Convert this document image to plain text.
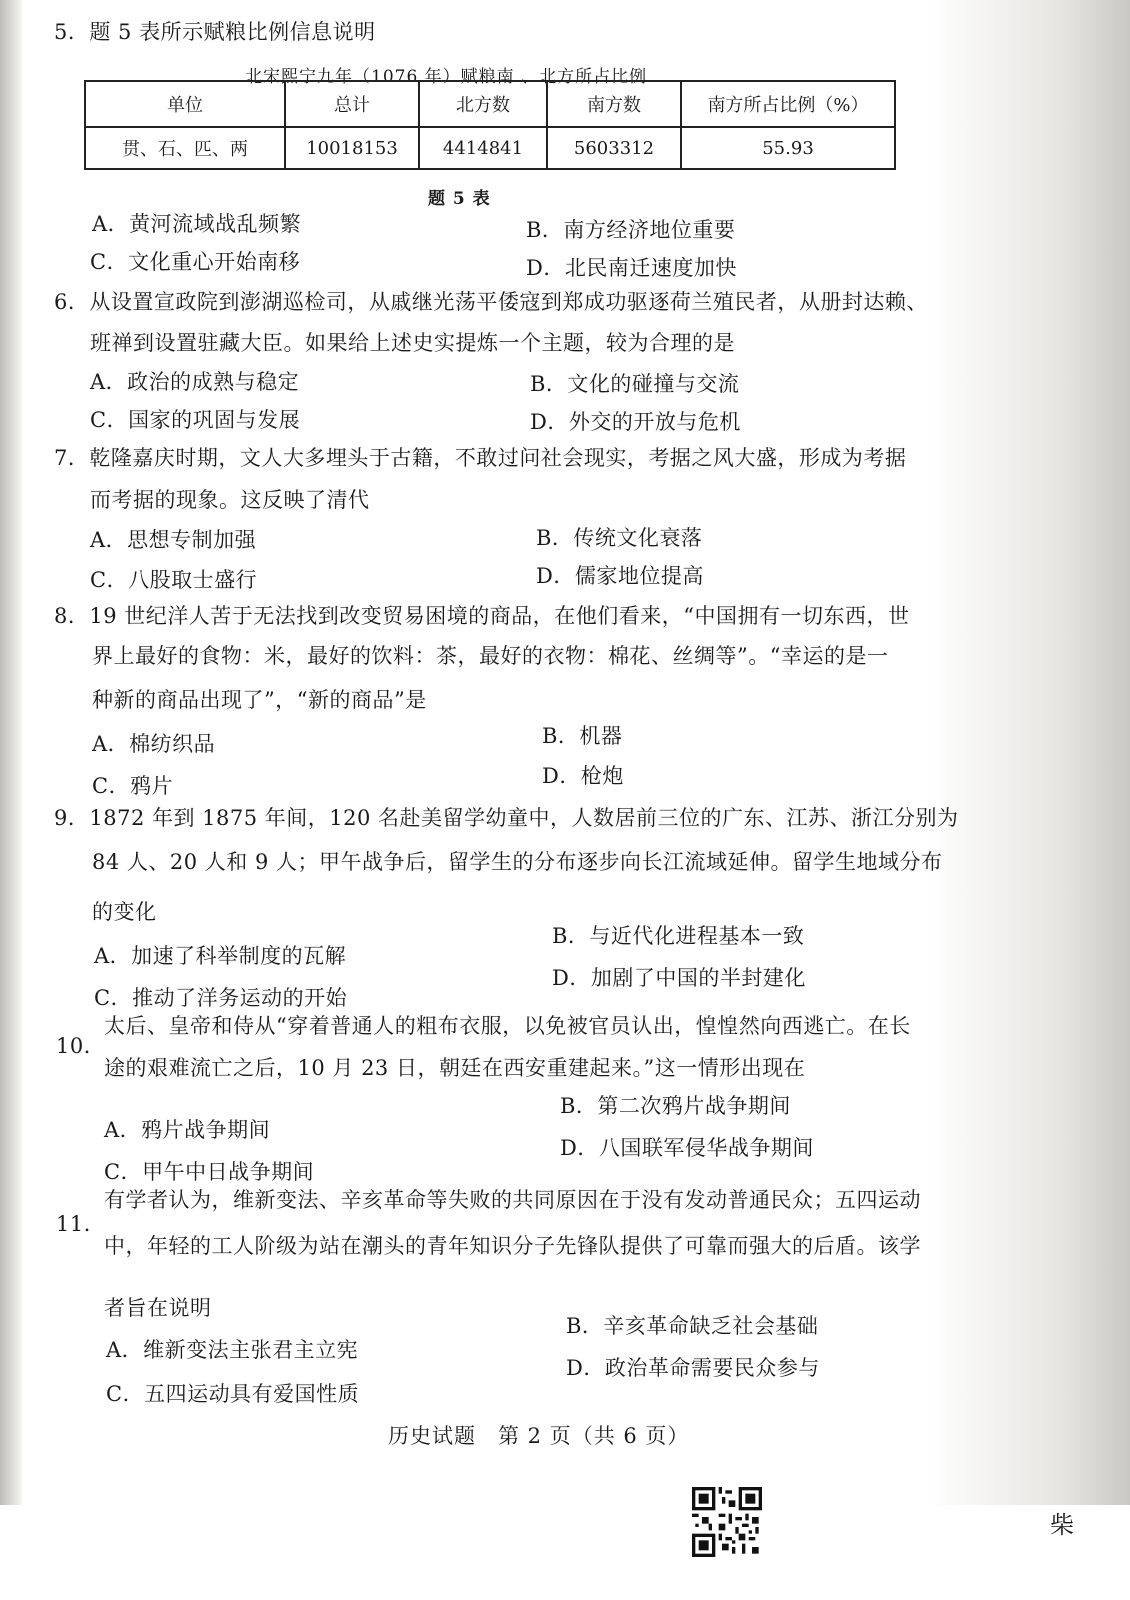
5．题 5 表所示赋粮比例信息说明
北宋熙宁九年（1076 年）赋粮南 、北方所占比例
单位	总计	北方数	南方数	南方所占比例（%）
贯、石、匹、两	10018153	4414841	5603312	55.93
题 5 表
A．黄河流域战乱频繁	B．南方经济地位重要
C．文化重心开始南移	D．北民南迁速度加快
6．从设置宣政院到澎湖巡检司，从戚继光荡平倭寇到郑成功驱逐荷兰殖民者，从册封达赖、
班禅到设置驻藏大臣。如果给上述史实提炼一个主题，较为合理的是
A．政治的成熟与稳定	B．文化的碰撞与交流
C．国家的巩固与发展	D．外交的开放与危机
7．乾隆嘉庆时期，文人大多埋头于古籍，不敢过问社会现实，考据之风大盛，形成为考据
而考据的现象。这反映了清代
A．思想专制加强	B．传统文化衰落
C．八股取士盛行	D．儒家地位提高
8．19 世纪洋人苦于无法找到改变贸易困境的商品，在他们看来，“中国拥有一切东西，世
界上最好的食物：米，最好的饮料：茶，最好的衣物：棉花、丝绸等”。“幸运的是一
种新的商品出现了”，“新的商品”是
A．棉纺织品	B．机器
C．鸦片	D．枪炮
9．1872 年到 1875 年间，120 名赴美留学幼童中，人数居前三位的广东、江苏、浙江分别为
84 人、20 人和 9 人；甲午战争后，留学生的分布逐步向长江流域延伸。留学生地域分布
的变化
A．加速了科举制度的瓦解
B．与近代化进程基本一致
C．推动了洋务运动的开始
D．加剧了中国的半封建化
10．
太后、皇帝和侍从“穿着普通人的粗布衣服，以免被官员认出，惶惶然向西逃亡。在长
途的艰难流亡之后，10 月 23 日，朝廷在西安重建起来。”这一情形出现在
A．鸦片战争期间
B．第二次鸦片战争期间
C．甲午中日战争期间
D．八国联军侵华战争期间
11．
有学者认为，维新变法、辛亥革命等失败的共同原因在于没有发动普通民众；五四运动
中，年轻的工人阶级为站在潮头的青年知识分子先锋队提供了可靠而强大的后盾。该学
者旨在说明
A．维新变法主张君主立宪
B．辛亥革命缺乏社会基础
C．五四运动具有爱国性质
D．政治革命需要民众参与
历史试题　第 2 页（共 6 页）
柴
